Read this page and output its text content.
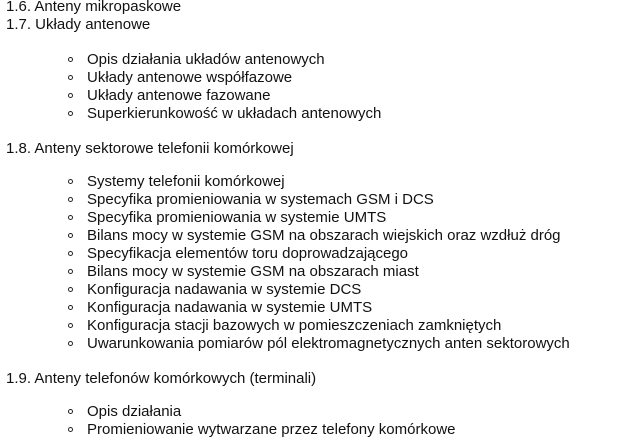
1.6. Anteny mikropaskowe
1.7. Układy antenowe
Opis działania układów antenowych
Układy antenowe współfazowe
Układy antenowe fazowane
Superkierunkowość w układach antenowych
1.8. Anteny sektorowe telefonii komórkowej
Systemy telefonii komórkowej
Specyfika promieniowania w systemach GSM i DCS
Specyfika promieniowania w systemie UMTS
Bilans mocy w systemie GSM na obszarach wiejskich oraz wzdłuż dróg
Specyfikacja elementów toru doprowadzającego
Bilans mocy w systemie GSM na obszarach miast
Konfiguracja nadawania w systemie DCS
Konfiguracja nadawania w systemie UMTS
Konfiguracja stacji bazowych w pomieszczeniach zamkniętych
Uwarunkowania pomiarów pól elektromagnetycznych anten sektorowych
1.9. Anteny telefonów komórkowych (terminali)
Opis działania
Promieniowanie wytwarzane przez telefony komórkowe
